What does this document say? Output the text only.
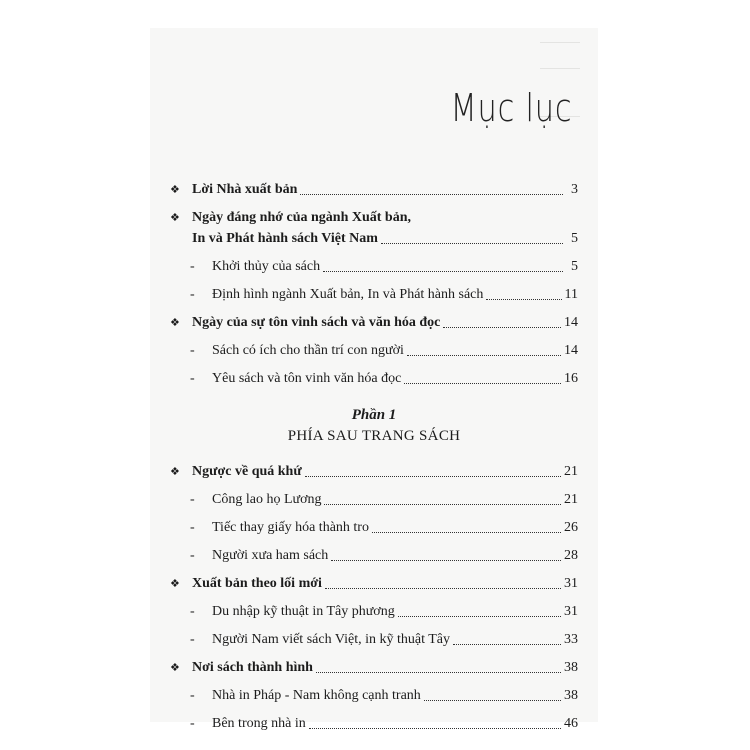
Mục lục
❖ Lời Nhà xuất bản	3
❖ Ngày đáng nhớ của ngành Xuất bản,
In và Phát hành sách Việt Nam	5
-	Khởi thủy của sách	5
-	Định hình ngành Xuất bản, In và Phát hành sách	11
❖ Ngày của sự tôn vinh sách và văn hóa đọc	14
-	Sách có ích cho thần trí con người	14
-	Yêu sách và tôn vinh văn hóa đọc	16
Phần 1
PHÍA SAU TRANG SÁCH
❖ Ngược về quá khứ	21
-	Công lao họ Lương	21
-	Tiếc thay giấy hóa thành tro	26
-	Người xưa ham sách	28
❖ Xuất bản theo lối mới	31
-	Du nhập kỹ thuật in Tây phương	31
-	Người Nam viết sách Việt, in kỹ thuật Tây	33
❖ Nơi sách thành hình	38
-	Nhà in Pháp - Nam không cạnh tranh	38
-	Bên trong nhà in	46
